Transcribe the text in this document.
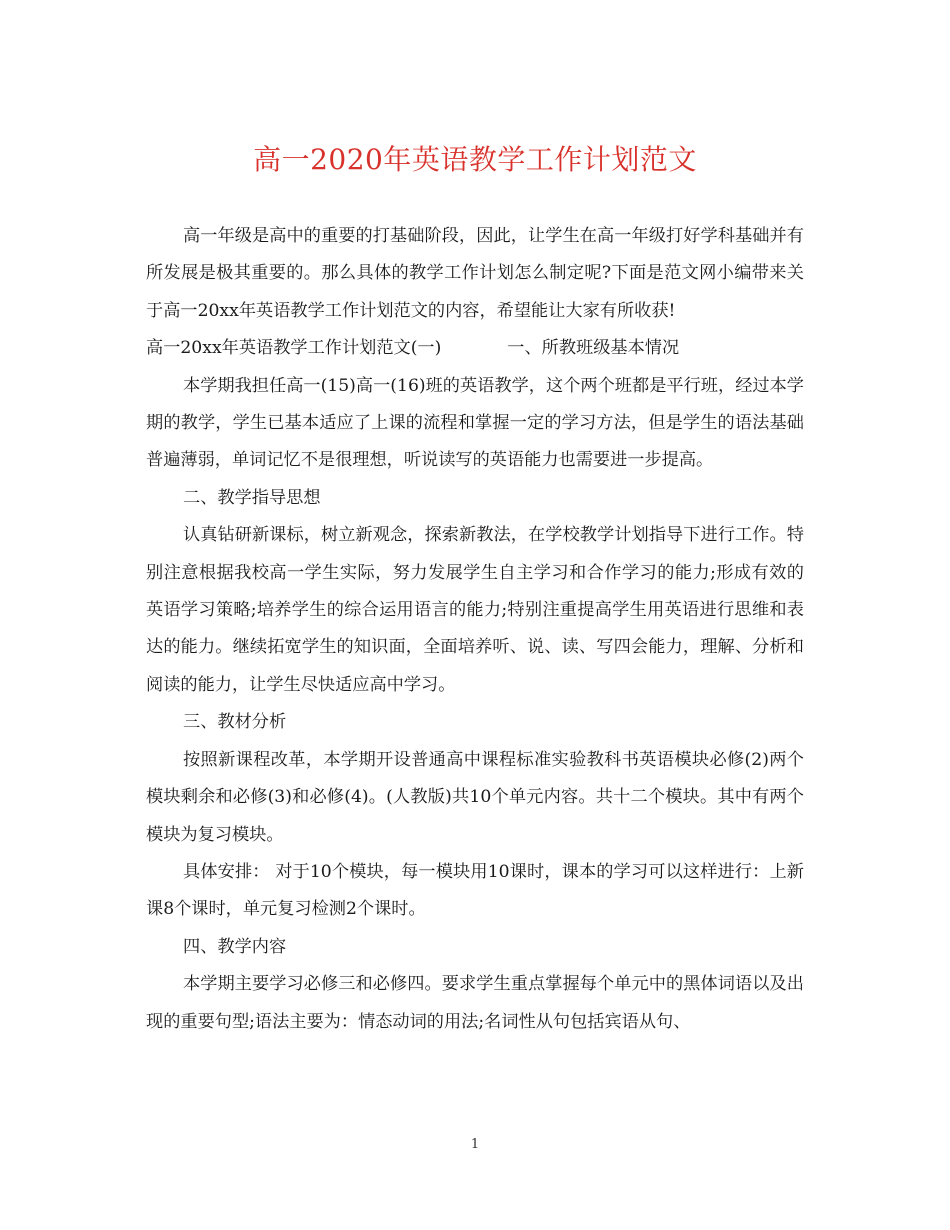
高一2020年英语教学工作计划范文

高一年级是高中的重要的打基础阶段，因此，让学生在高一年级打好学科基础并有所发展是极其重要的。那么具体的教学工作计划怎么制定呢?下面是范文网小编带来关于高一20xx年英语教学工作计划范文的内容，希望能让大家有所收获!

高一20xx年英语教学工作计划范文(一)	一、所教班级基本情况

本学期我担任高一(15)高一(16)班的英语教学，这个两个班都是平行班，经过本学期的教学，学生已基本适应了上课的流程和掌握一定的学习方法，但是学生的语法基础普遍薄弱，单词记忆不是很理想，听说读写的英语能力也需要进一步提高。

二、教学指导思想

认真钻研新课标，树立新观念，探索新教法，在学校教学计划指导下进行工作。特别注意根据我校高一学生实际，努力发展学生自主学习和合作学习的能力;形成有效的英语学习策略;培养学生的综合运用语言的能力;特别注重提高学生用英语进行思维和表达的能力。继续拓宽学生的知识面，全面培养听、说、读、写四会能力，理解、分析和阅读的能力，让学生尽快适应高中学习。

三、教材分析

按照新课程改革，本学期开设普通高中课程标准实验教科书英语模块必修(2)两个模块剩余和必修(3)和必修(4)。(人教版)共10个单元内容。共十二个模块。其中有两个模块为复习模块。

具体安排： 对于10个模块，每一模块用10课时，课本的学习可以这样进行：上新课8个课时，单元复习检测2个课时。

四、教学内容

本学期主要学习必修三和必修四。要求学生重点掌握每个单元中的黑体词语以及出现的重要句型;语法主要为：情态动词的用法;名词性从句包括宾语从句、

1
